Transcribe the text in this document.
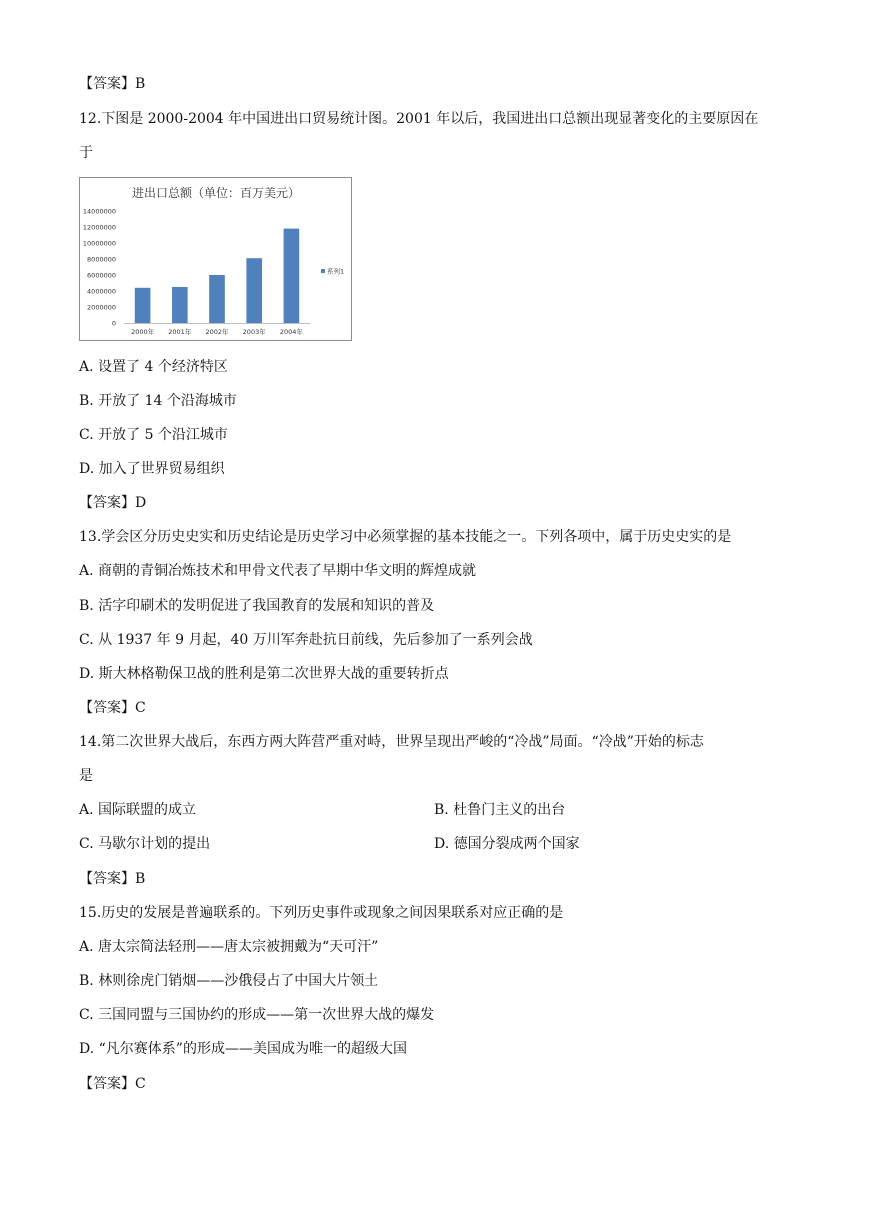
【答案】B
12.下图是 2000-2004 年中国进出口贸易统计图。2001 年以后，我国进出口总额出现显著变化的主要原因在
于
进出口总额（单位：百万美元）
0
2000000
4000000
6000000
8000000
10000000
12000000
14000000
2000年 2001年 2002年 2003年 2004年
系列1
A. 设置了 4 个经济特区
B. 开放了 14 个沿海城市
C. 开放了 5 个沿江城市
D. 加入了世界贸易组织
【答案】D
13.学会区分历史史实和历史结论是历史学习中必须掌握的基本技能之一。下列各项中，属于历史史实的是
A. 商朝的青铜冶炼技术和甲骨文代表了早期中华文明的辉煌成就
B. 活字印刷术的发明促进了我国教育的发展和知识的普及
C. 从 1937 年 9 月起，40 万川军奔赴抗日前线，先后参加了一系列会战
D. 斯大林格勒保卫战的胜利是第二次世界大战的重要转折点
【答案】C
14.第二次世界大战后，东西方两大阵营严重对峙，世界呈现出严峻的“冷战”局面。“冷战”开始的标志
是
A. 国际联盟的成立	B. 杜鲁门主义的出台
C. 马歇尔计划的提出	D. 德国分裂成两个国家
【答案】B
15.历史的发展是普遍联系的。下列历史事件或现象之间因果联系对应正确的是
A. 唐太宗简法轻刑——唐太宗被拥戴为“天可汗”
B. 林则徐虎门销烟——沙俄侵占了中国大片领土
C. 三国同盟与三国协约的形成——第一次世界大战的爆发
D. “凡尔赛体系”的形成——美国成为唯一的超级大国
【答案】C
